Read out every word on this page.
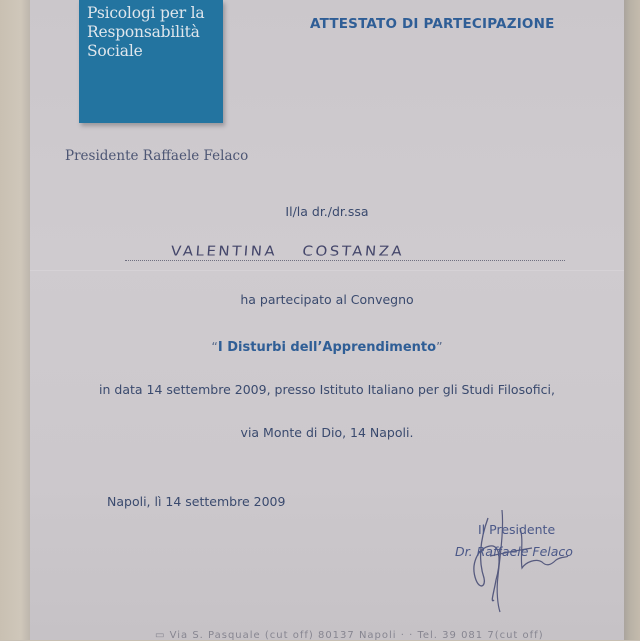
Psicologi per la
Responsabilità
Sociale
ATTESTATO DI PARTECIPAZIONE
Presidente Raffaele Felaco
Il/la dr./dr.ssa
VALENTINA COSTANZA
ha partecipato al Convegno
“I Disturbi dell’Apprendimento”
in data 14 settembre 2009, presso Istituto Italiano per gli Studi Filosofici,
via Monte di Dio, 14 Napoli.
Napoli, lì 14 settembre 2009
Il Presidente
Dr. Raffaele Felaco
▭ Via S. Pasquale (cut off) 80137 Napoli · · Tel. 39 081 7(cut off)
